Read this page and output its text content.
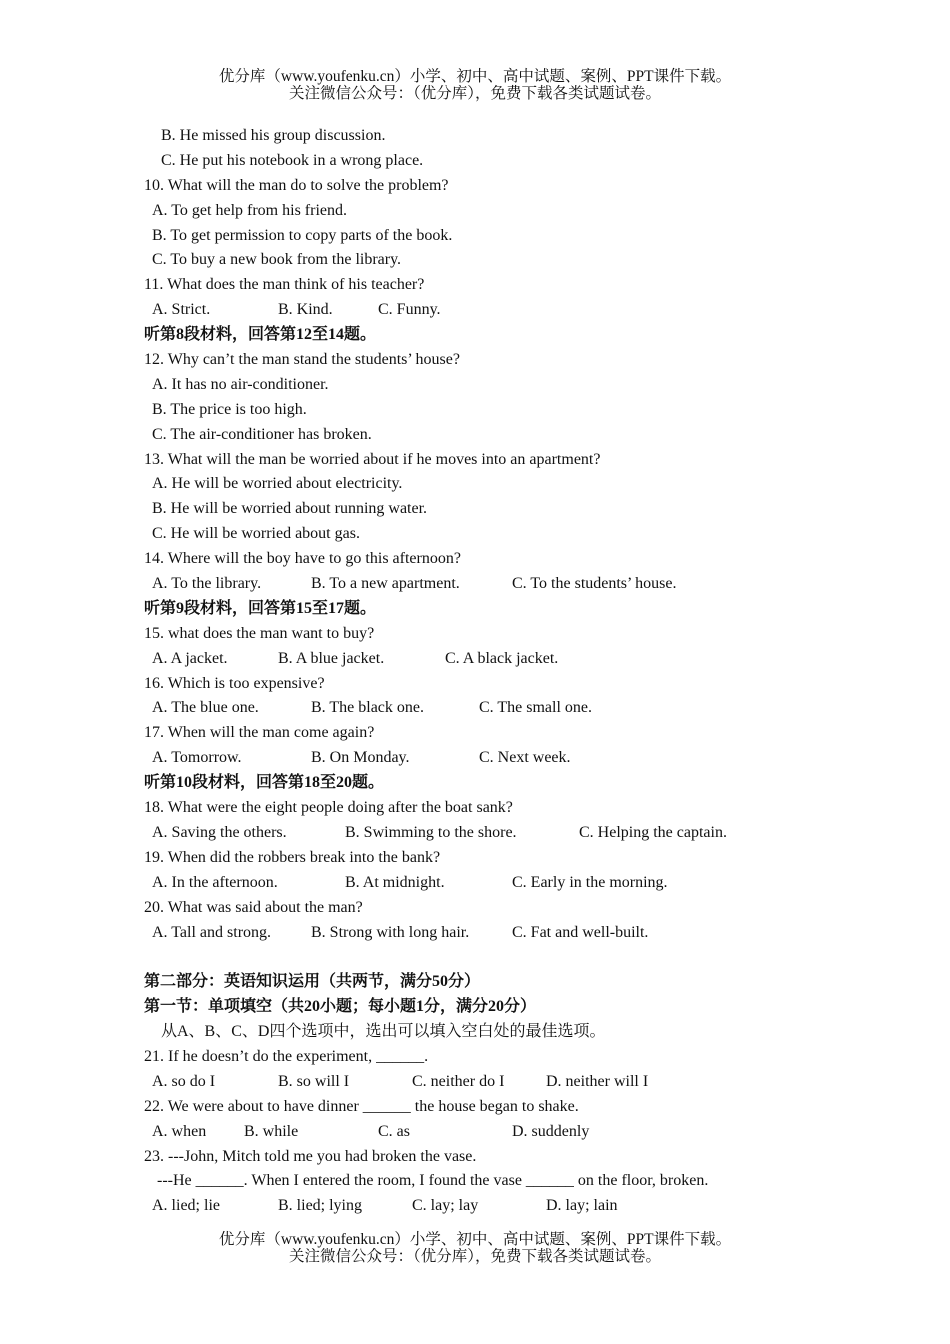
优分库（www.youfenku.cn）小学、初中、高中试题、案例、PPT课件下载。
关注微信公众号：（优分库），免费下载各类试题试卷。
B. He missed his group discussion.
C. He put his notebook in a wrong place.
10. What will the man do to solve the problem?
A. To get help from his friend.
B. To get permission to copy parts of the book.
C. To buy a new book from the library.
11. What does the man think of his teacher?
A. Strict.	B. Kind.	C. Funny.
听第8段材料，回答第12至14题。
12. Why can’t the man stand the students’ house?
A. It has no air-conditioner.
B. The price is too high.
C. The air-conditioner has broken.
13. What will the man be worried about if he moves into an apartment?
A. He will be worried about electricity.
B. He will be worried about running water.
C. He will be worried about gas.
14. Where will the boy have to go this afternoon?
A. To the library.	B. To a new apartment.	C. To the students’ house.
听第9段材料，回答第15至17题。
15. what does the man want to buy?
A. A jacket.	B. A blue jacket.	C. A black jacket.
16. Which is too expensive?
A. The blue one.	B. The black one.	C. The small one.
17. When will the man come again?
A. Tomorrow.	B. On Monday.	C. Next week.
听第10段材料，回答第18至20题。
18. What were the eight people doing after the boat sank?
A. Saving the others.	B. Swimming to the shore.	C. Helping the captain.
19. When did the robbers break into the bank?
A. In the afternoon.	B. At midnight.	C. Early in the morning.
20. What was said about the man?
A. Tall and strong. B. Strong with long hair.	C. Fat and well-built.
第二部分：英语知识运用（共两节，满分50分）
第一节：单项填空（共20小题；每小题1分，满分20分）
从A、B、C、D四个选项中，选出可以填入空白处的最佳选项。
21. If he doesn’t do the experiment, ______.
A. so do I	B. so will I	C. neither do I	D. neither will I
22. We were about to have dinner ______ the house began to shake.
A. when B. while	C. as	D. suddenly
23. ---John, Mitch told me you had broken the vase.
---He ______. When I entered the room, I found the vase ______ on the floor, broken.
A. lied; lie	B. lied; lying	C. lay; lay	D. lay; lain
优分库（www.youfenku.cn）小学、初中、高中试题、案例、PPT课件下载。
关注微信公众号：（优分库），免费下载各类试题试卷。
